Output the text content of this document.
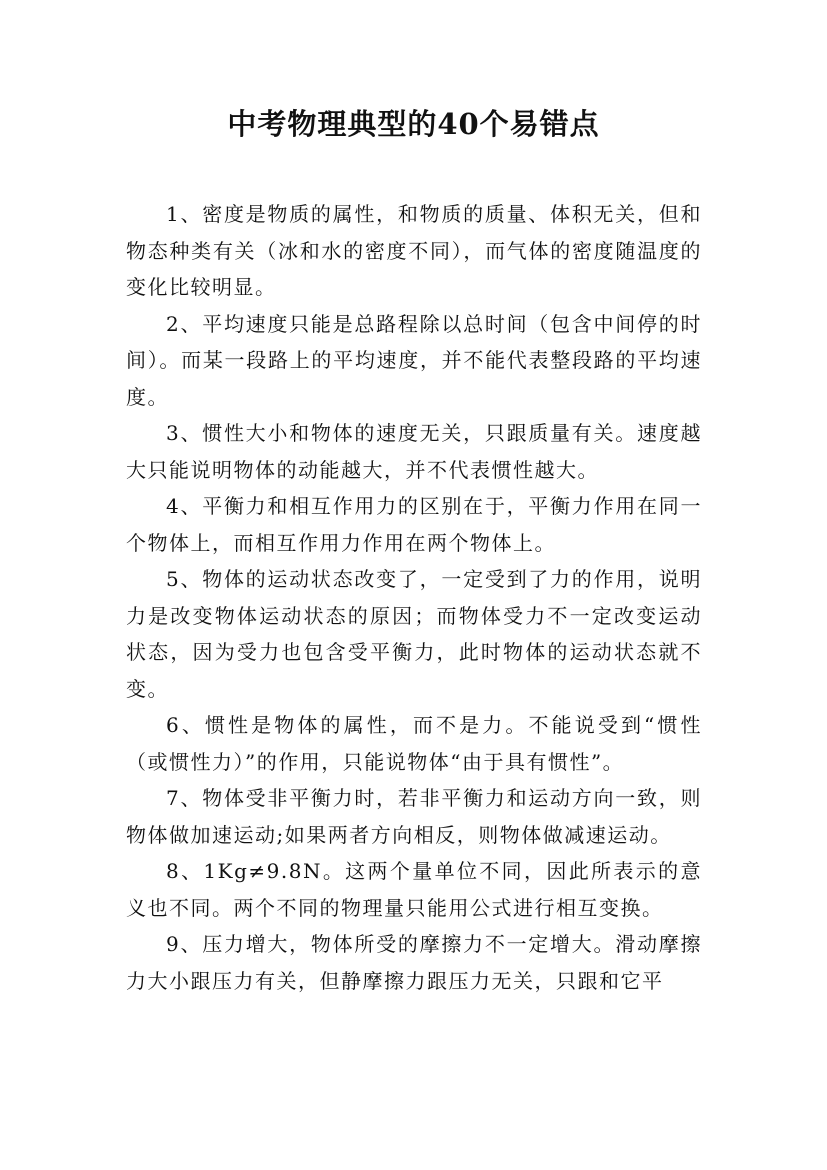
中考物理典型的40个易错点

1、密度是物质的属性，和物质的质量、体积无关，但和物态种类有关（冰和水的密度不同），而气体的密度随温度的变化比较明显。

2、平均速度只能是总路程除以总时间（包含中间停的时间）。而某一段路上的平均速度，并不能代表整段路的平均速度。

3、惯性大小和物体的速度无关，只跟质量有关。速度越大只能说明物体的动能越大，并不代表惯性越大。

4、平衡力和相互作用力的区别在于，平衡力作用在同一个物体上，而相互作用力作用在两个物体上。

5、物体的运动状态改变了，一定受到了力的作用，说明力是改变物体运动状态的原因；而物体受力不一定改变运动状态，因为受力也包含受平衡力，此时物体的运动状态就不变。

6、惯性是物体的属性，而不是力。不能说受到“惯性（或惯性力）”的作用，只能说物体“由于具有惯性”。

7、物体受非平衡力时，若非平衡力和运动方向一致，则物体做加速运动;如果两者方向相反，则物体做减速运动。

8、1Kg≠9.8N。这两个量单位不同，因此所表示的意义也不同。两个不同的物理量只能用公式进行相互变换。

9、压力增大，物体所受的摩擦力不一定增大。滑动摩擦力大小跟压力有关，但静摩擦力跟压力无关，只跟和它平
